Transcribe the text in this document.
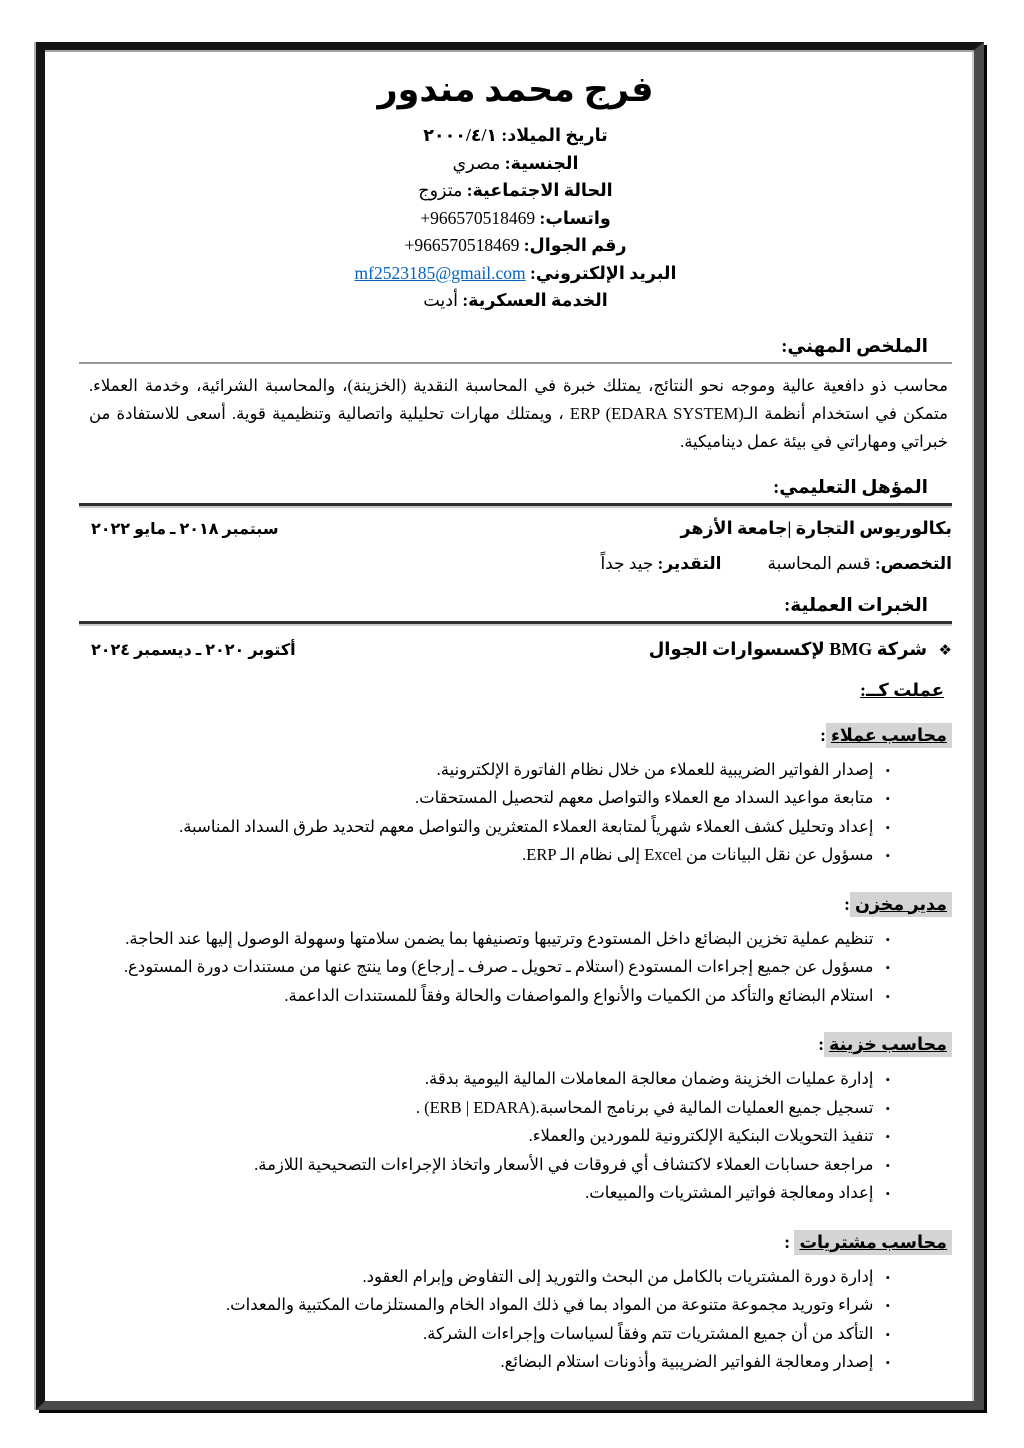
فرج محمد مندور
تاريخ الميلاد: ٢٠٠٠/٤/١
الجنسية: مصري
الحالة الاجتماعية: متزوج
واتساب: 966570518469+
رقم الجوال: 966570518469+
البريد الإلكتروني: mf2523185@gmail.com
الخدمة العسكرية: أديت
الملخص المهني:

محاسب ذو دافعية عالية وموجه نحو النتائج، يمتلك خبرة في المحاسبة النقدية (الخزينة)، والمحاسبة الشرائية، وخدمة العملاء. متمكن في استخدام أنظمة الـ(ERP (EDARA SYSTEM ، ويمتلك مهارات تحليلية واتصالية وتنظيمية قوية. أسعى للاستفادة من خبراتي ومهاراتي في بيئة عمل ديناميكية.

المؤهل التعليمي:
بكالوريوس التجارة |جامعة الأزهر
سبتمبر ٢٠١٨ ـ مايو ٢٠٢٢
التخصص: قسم المحاسبة
التقدير: جيد جداً
الخبرات العملية:
❖ شركة BMG لإكسسوارات الجوال
أكتوبر ٢٠٢٠ ـ ديسمبر ٢٠٢٤
عملت كــ:
محاسب عملاء:
•
إصدار الفواتير الضريبية للعملاء من خلال نظام الفاتورة الإلكترونية.
•
متابعة مواعيد السداد مع العملاء والتواصل معهم لتحصيل المستحقات.
•
إعداد وتحليل كشف العملاء شهرياً لمتابعة العملاء المتعثرين والتواصل معهم لتحديد طرق السداد المناسبة.
•
مسؤول عن نقل البيانات من Excel إلى نظام الـ ERP.
مدير مخزن:
•
تنظيم عملية تخزين البضائع داخل المستودع وترتيبها وتصنيفها بما يضمن سلامتها وسهولة الوصول إليها عند الحاجة.
•
مسؤول عن جميع إجراءات المستودع (استلام ـ تحويل ـ صرف ـ إرجاع) وما ينتج عنها من مستندات دورة المستودع.
•
استلام البضائع والتأكد من الكميات والأنواع والمواصفات والحالة وفقاً للمستندات الداعمة.
محاسب خزينة:
•
إدارة عمليات الخزينة وضمان معالجة المعاملات المالية اليومية بدقة.
•
تسجيل جميع العمليات المالية في برنامج المحاسبة.(ERB | EDARA) .
•
تنفيذ التحويلات البنكية الإلكترونية للموردين والعملاء.
•
مراجعة حسابات العملاء لاكتشاف أي فروقات في الأسعار واتخاذ الإجراءات التصحيحية اللازمة.
•
إعداد ومعالجة فواتير المشتريات والمبيعات.
محاسب مشتريات :
•
إدارة دورة المشتريات بالكامل من البحث والتوريد إلى التفاوض وإبرام العقود.
•
شراء وتوريد مجموعة متنوعة من المواد بما في ذلك المواد الخام والمستلزمات المكتبية والمعدات.
•
التأكد من أن جميع المشتريات تتم وفقاً لسياسات وإجراءات الشركة.
•
إصدار ومعالجة الفواتير الضريبية وأذونات استلام البضائع.
